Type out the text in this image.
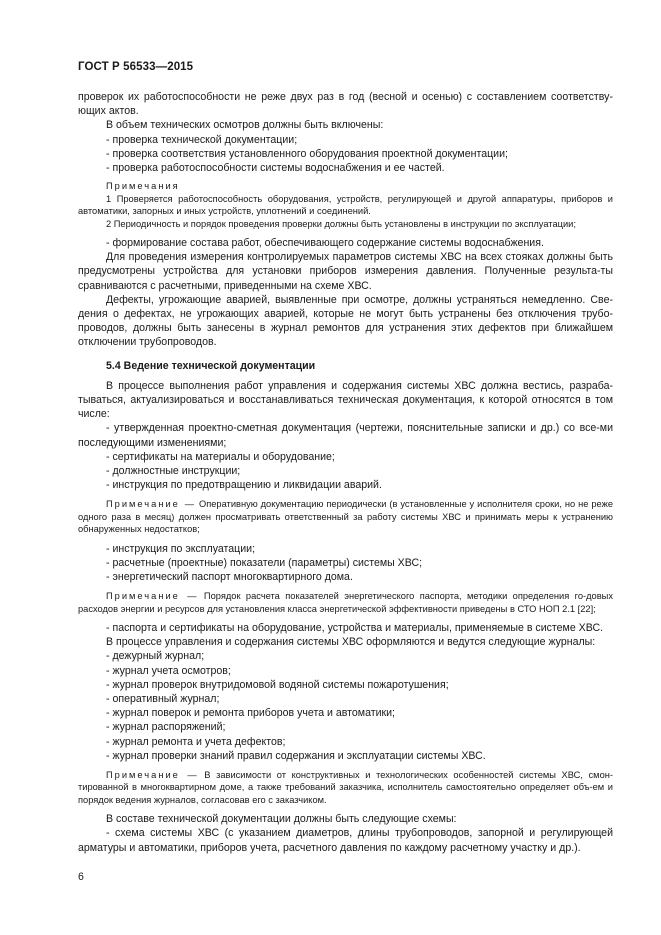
ГОСТ Р 56533—2015

проверок их работоспособности не реже двух раз в год (весной и осенью) с составлением соответству-ющих актов.

В объем технических осмотров должны быть включены:

- проверка технической документации;

- проверка соответствия установленного оборудования проектной документации;

- проверка работоспособности системы водоснабжения и ее частей.

Примечания

1 Проверяется работоспособность оборудования, устройств, регулирующей и другой аппаратуры, приборов и автоматики, запорных и иных устройств, уплотнений и соединений.

2 Периодичность и порядок проведения проверки должны быть установлены в инструкции по эксплуатации;

- формирование состава работ, обеспечивающего содержание системы водоснабжения.

Для проведения измерения контролируемых параметров системы ХВС на всех стояках должны быть предусмотрены устройства для установки приборов измерения давления. Полученные результа-ты сравниваются с расчетными, приведенными на схеме ХВС.

Дефекты, угрожающие аварией, выявленные при осмотре, должны устраняться немедленно. Све-дения о дефектах, не угрожающих аварией, которые не могут быть устранены без отключения трубо-проводов, должны быть занесены в журнал ремонтов для устранения этих дефектов при ближайшем отключении трубопроводов.

5.4 Ведение технической документации

В процессе выполнения работ управления и содержания системы ХВС должна вестись, разраба-тываться, актуализироваться и восстанавливаться техническая документация, к которой относятся в том числе:

- утвержденная проектно-сметная документация (чертежи, пояснительные записки и др.) со все-ми последующими изменениями;

- сертификаты на материалы и оборудование;

- должностные инструкции;

- инструкция по предотвращению и ликвидации аварий.

Примечание — Оперативную документацию периодически (в установленные у исполнителя сроки, но не реже одного раза в месяц) должен просматривать ответственный за работу системы ХВС и принимать меры к устранению обнаруженных недостатков;

- инструкция по эксплуатации;

- расчетные (проектные) показатели (параметры) системы ХВС;

- энергетический паспорт многоквартирного дома.

Примечание — Порядок расчета показателей энергетического паспорта, методики определения го-довых расходов энергии и ресурсов для установления класса энергетической эффективности приведены в СТО НОП 2.1 [22];

- паспорта и сертификаты на оборудование, устройства и материалы, применяемые в системе ХВС.

В процессе управления и содержания системы ХВС оформляются и ведутся следующие журналы:

- дежурный журнал;

- журнал учета осмотров;

- журнал проверок внутридомовой водяной системы пожаротушения;

- оперативный журнал;

- журнал поверок и ремонта приборов учета и автоматики;

- журнал распоряжений;

- журнал ремонта и учета дефектов;

- журнал проверки знаний правил содержания и эксплуатации системы ХВС.

Примечание — В зависимости от конструктивных и технологических особенностей системы ХВС, смон-тированной в многоквартирном доме, а также требований заказчика, исполнитель самостоятельно определяет объ-ем и порядок ведения журналов, согласовав его с заказчиком.

В составе технической документации должны быть следующие схемы:

- схема системы ХВС (с указанием диаметров, длины трубопроводов, запорной и регулирующей арматуры и автоматики, приборов учета, расчетного давления по каждому расчетному участку и др.).

6
